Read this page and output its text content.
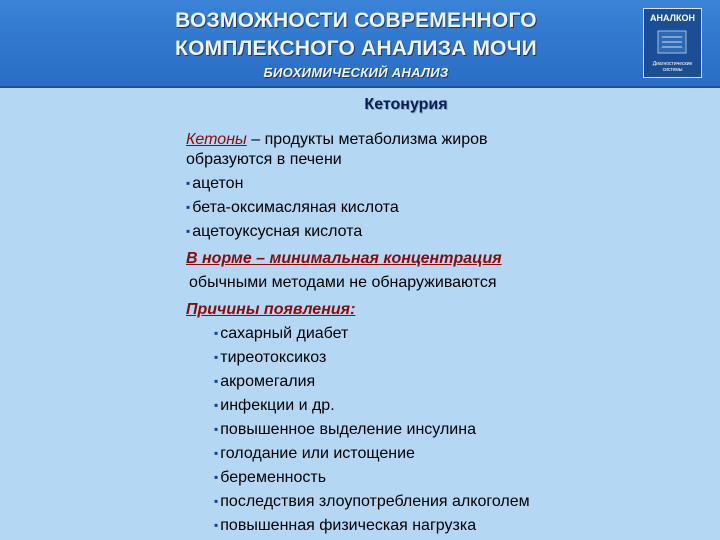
ВОЗМОЖНОСТИ СОВРЕМЕННОГО
КОМПЛЕКСНОГО АНАЛИЗА МОЧИ
БИОХИМИЧЕСКИЙ АНАЛИЗ
АНАЛКОН
Диагностические системы
Кетонурия
Кетоны – продукты метаболизма жиров
образуются в печени
▪ ацетон
▪ бета-оксимасляная кислота
▪ ацетоуксусная кислота
В норме – минимальная концентрация
обычными методами не обнаруживаются
Причины появления:
▪ сахарный диабет
▪ тиреотоксикоз
▪ акромегалия
▪ инфекции и др.
▪ повышенное выделение инсулина
▪ голодание или истощение
▪ беременность
▪ последствия злоупотребления алкоголем
▪ повышенная физическая нагрузка
